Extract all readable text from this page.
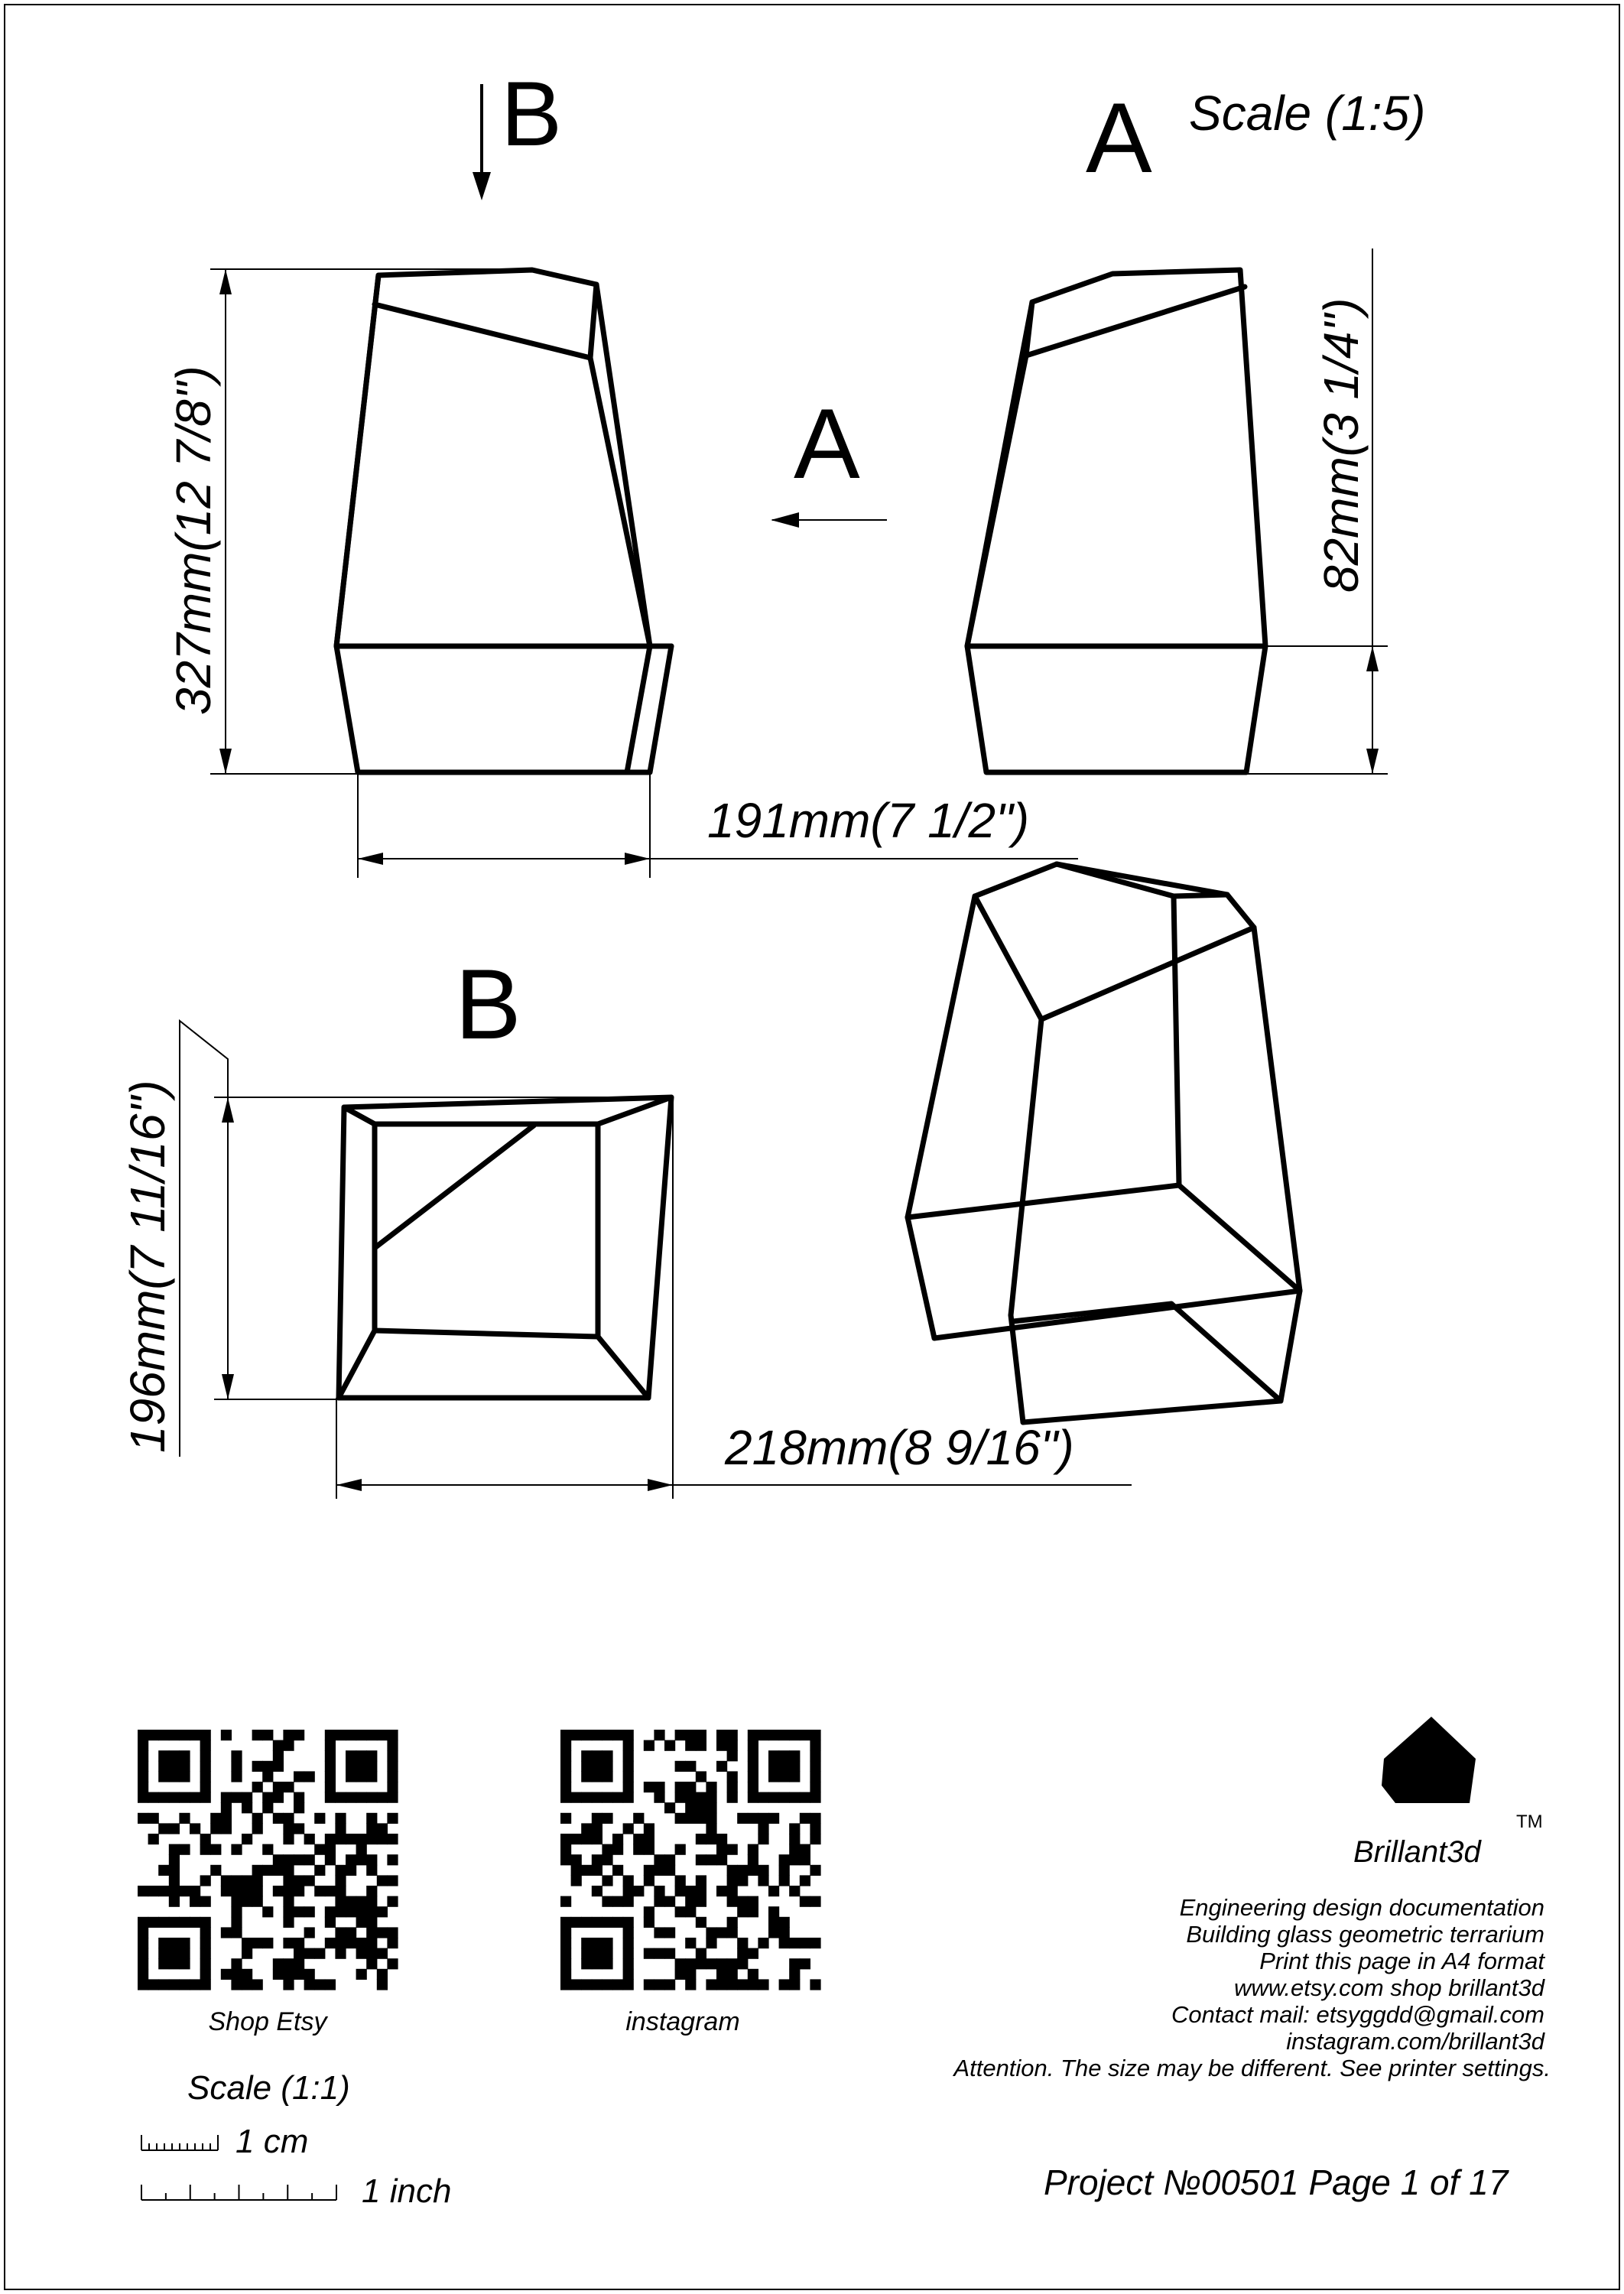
B	A Scale (1:5)
327mm(12 7/8")	A	82mm(3 1/4")
191mm(7 1/2")
B
196mm(7 11/16")	218mm(8 9/16")
Shop Etsy	instagram
Scale (1:1)
1 cm
1 inch
Brillant3d
TM
Engineering design documentation
Building glass geometric terrarium
Print this page in A4 format
www.etsy.com shop brillant3d
Contact mail: etsyggdd@gmail.com
instagram.com/brillant3d
Attention. The size may be different. See printer settings.
Project №00501 Page 1 of 17
